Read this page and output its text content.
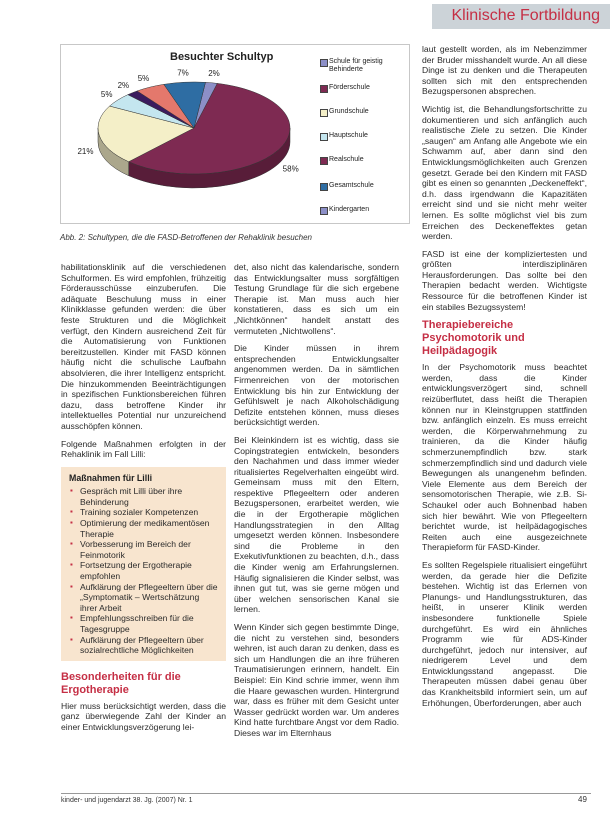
Klinische Fortbildung
Besuchter Schultyp
2%
58%
21%
5%
2%
5%
7%
Schule für geistig Behinderte
Förderschule
Grundschule
Hauptschule
Realschule
Gesamtschule
Kindergarten
Abb. 2: Schultypen, die die FASD-Betroffenen der Rehaklinik besuchen

habilitationsklinik auf die verschiedenen Schulformen. Es wird empfohlen, frühzeitig Förderausschüsse einzuberufen. Die adäquate Beschulung muss in einer Klinikklasse gefunden werden: die über feste Strukturen und die Möglichkeit verfügt, den Kindern ausreichend Zeit für die Automatisierung von Funktionen bereitzustellen. Kinder mit FASD können häufig nicht die schulische Laufbahn absolvieren, die ihrer Intelligenz entspricht. Die hinzukommenden Beeinträchtigungen in spezifischen Funktionsbereichen führen dazu, dass betroffene Kinder ihr intellektuelles Potential nur unzureichend ausschöpfen können.

Folgende Maßnahmen erfolgten in der Rehaklinik im Fall Lilli:

Maßnahmen für Lilli
▪ Gespräch mit Lilli über ihre Behinderung
▪ Training sozialer Kompetenzen
▪ Optimierung der medikamentösen Therapie
▪ Vorbesserung im Bereich der Feinmotorik
▪ Fortsetzung der Ergotherapie empfohlen
▪ Aufklärung der Pflegeeltern über die „Symptomatik – Wertschätzung ihrer Arbeit
▪ Empfehlungsschreiben für die Tagesgruppe
▪ Aufklärung der Pflegeeltern über sozialrechtliche Möglichkeiten
Besonderheiten für die Ergotherapie

Hier muss berücksichtigt werden, dass die ganz überwiegende Zahl der Kinder an einer Entwicklungsverzögerung lei-

det, also nicht das kalendarische, sondern das Entwicklungsalter muss sorgfältigen Testung Grundlage für die sich ergebene Therapie ist. Man muss auch hier konstatieren, dass es sich um ein „Nichtkönnen“ handelt anstatt des vermuteten „Nichtwollens“.

Die Kinder müssen in ihrem entsprechenden Entwicklungsalter angenommen werden. Da in sämtlichen Firmenreichen von der motorischen Entwicklung bis hin zur Entwicklung der Gefühlswelt je nach Alkoholschädigung Defizite entstehen können, muss dieses berücksichtigt werden.

Bei Kleinkindern ist es wichtig, dass sie Copingstrategien entwickeln, besonders den Nachahmen und dass immer wieder ritualisiertes Regelverhalten eingeübt wird. Gemeinsam muss mit den Eltern, respektive Pflegeeltern oder anderen Bezugspersonen, erarbeitet werden, wie die in der Ergotherapie möglichen Handlungsstrategien in den Alltag umgesetzt werden können. Insbesondere sind die Probleme in den Exekutivfunktionen zu beachten, d.h., dass die Kinder wenig am Erfahrungslernen. Häufig signalisieren die Kinder selbst, was ihnen gut tut, was sie gerne mögen und über welchen sensorischen Kanal sie lernen.

Wenn Kinder sich gegen bestimmte Dinge, die nicht zu verstehen sind, besonders wehren, ist auch daran zu denken, dass es sich um Handlungen die an ihre früheren Traumatisierungen erinnern, handelt. Ein Beispiel: Ein Kind schrie immer, wenn ihm die Haare gewaschen wurden. Hintergrund war, dass es früher mit dem Gesicht unter Wasser gedrückt worden war. Um anderes Kind hatte furchtbare Angst vor dem Radio. Dieses war im Elternhaus

laut gestellt worden, als im Nebenzimmer der Bruder misshandelt wurde. An all diese Dinge ist zu denken und die Therapeuten sollten sich mit den entsprechenden Bezugspersonen absprechen.

Wichtig ist, die Behandlungsfortschritte zu dokumentieren und sich anfänglich auch realistische Ziele zu setzen. Die Kinder „saugen“ am Anfang alle Angebote wie ein Schwamm auf, aber dann sind den Entwicklungsmöglichkeiten auch Grenzen gesetzt. Gerade bei den Kindern mit FASD gibt es einen so genannten „Deckeneffekt“, d.h. dass irgendwann die Kapazitäten erreicht sind und sie nicht mehr weiter lernen. Es sollte möglichst viel bis zum Erreichen des Deckeneffektes getan werden.

FASD ist eine der kompliziertesten und größten interdisziplinären Herausforderungen. Das sollte bei den Therapien bedacht werden. Wichtigste Ressource für die betroffenen Kinder ist ein stabiles Bezugssystem!

Therapiebereiche Psychomotorik und Heilpädagogik

In der Psychomotorik muss beachtet werden, dass die Kinder entwicklungsverzögert sind, schnell reizüberflutet, dass heißt die Therapien können nur in Kleinstgruppen stattfinden bzw. anfänglich einzeln. Es muss erreicht werden, die Körperwahrnehmung zu trainieren, da die Kinder häufig schmerzunempfindlich bzw. stark schmerzempfindlich sind und dadurch viele Bewegungen als unangenehm befinden. Viele Elemente aus dem Bereich der sensomotorischen Therapie, wie z.B. Si-Schaukel oder auch Bohnenbad haben sich hier bewährt. Wie von Pflegeeltern berichtet wurde, ist heilpädagogisches Reiten auch eine ausgezeichnete Therapieform für FASD-Kinder.

Es sollten Regelspiele ritualisiert eingeführt werden, da gerade hier die Defizite bestehen. Wichtig ist das Erlernen von Planungs- und Handlungsstrukturen, das heißt, in unserer Klinik werden insbesondere funktionelle Spiele durchgeführt. Es wird ein ähnliches Programm wie für ADS-Kinder durchgeführt, jedoch nur intensiver, auf niedrigerem Level und dem Entwicklungsstand angepasst. Die Therapeuten müssen dabei genau über das Krankheitsbild informiert sein, um auf Erhöhungen, Überforderungen, aber auch

kinder- und jugendarzt 38. Jg. (2007) Nr. 1	49
